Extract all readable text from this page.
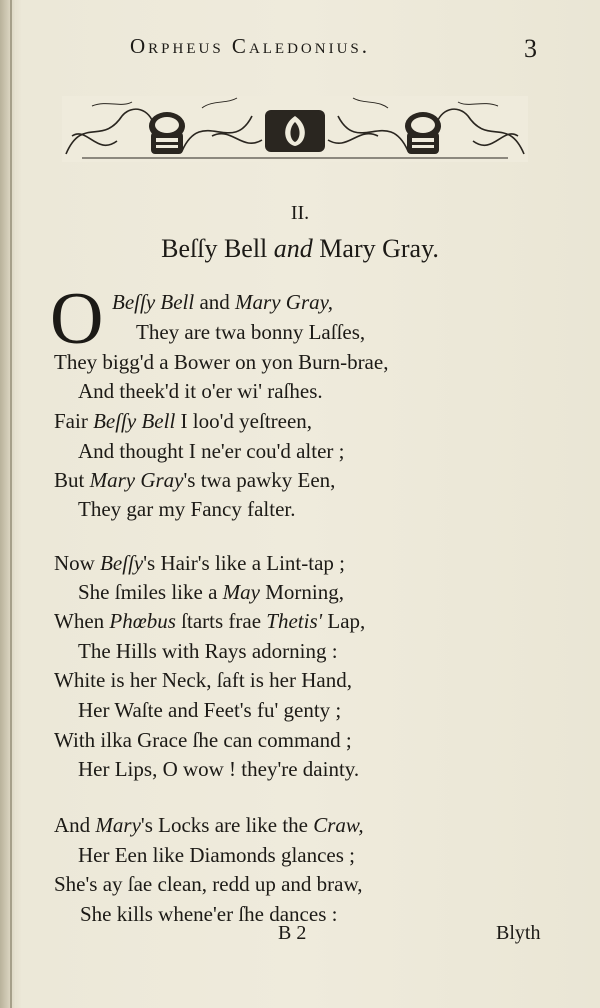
Orpheus Caledonius.	3
II.
Beſſy Bell and Mary Gray.
O Beſſy Bell and Mary Gray,
They are twa bonny Laſſes,
They bigg'd a Bower on yon Burn-brae,
And theek'd it o'er wi' raſhes.
Fair Beſſy Bell I loo'd yeſtreen,
And thought I ne'er cou'd alter ;
But Mary Gray's twa pawky Een,
They gar my Fancy falter.
Now Beſſy's Hair's like a Lint-tap ;
She ſmiles like a May Morning,
When Phœbus ſtarts frae Thetis' Lap,
The Hills with Rays adorning :
White is her Neck, ſaft is her Hand,
Her Waſte and Feet's fu' genty ;
With ilka Grace ſhe can command ;
Her Lips, O wow ! they're dainty.
And Mary's Locks are like the Craw,
Her Een like Diamonds glances ;
She's ay ſae clean, redd up and braw,
She kills whene'er ſhe dances :
B 2	Blyth
